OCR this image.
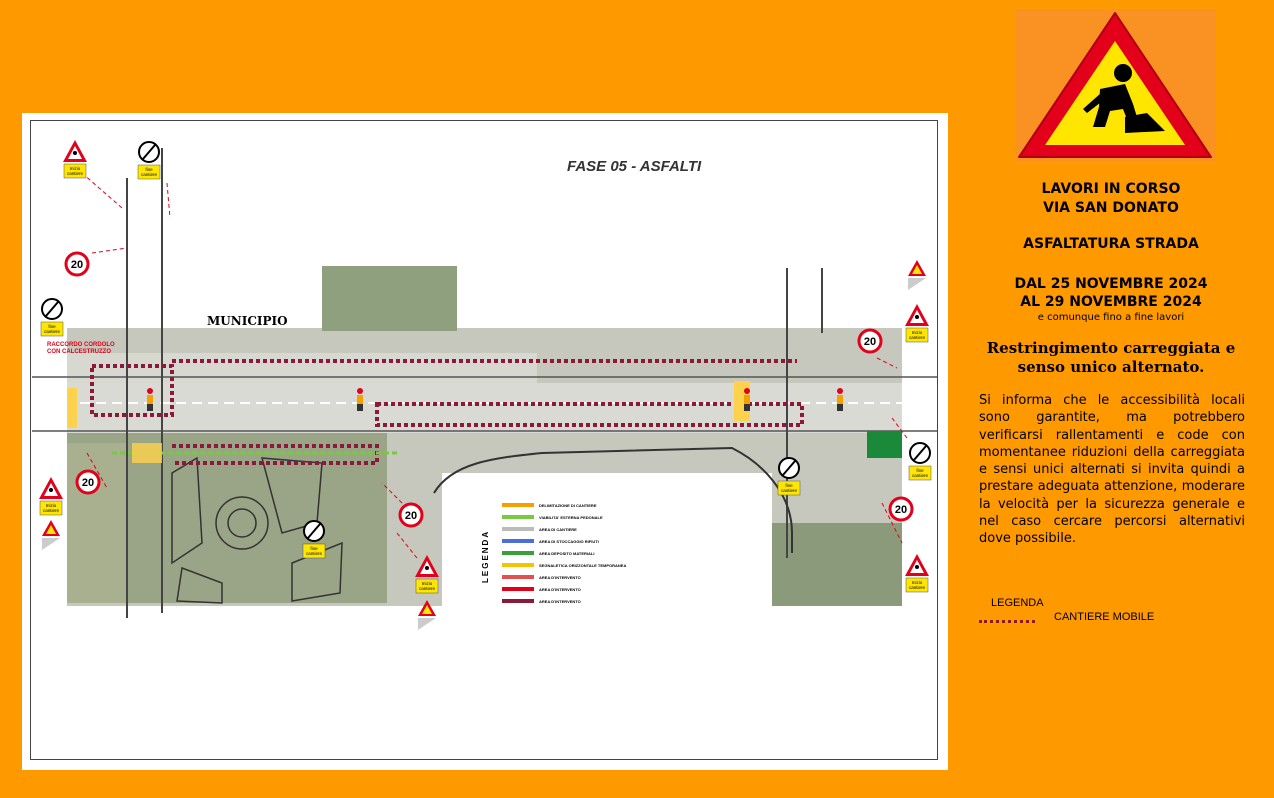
FASE 05 - ASFALTI
MUNICIPIO
RACCORDO CORDOLO
CON CALCESTRUZZO
Inizio
cantiere
fine
cantiere
20
fine
cantiere
20
Inizio
cantiere
fine
cantiere
20
Inizio
cantiere
20
Inizio
cantiere
fine
cantiere
fine
cantiere
20
Inizio
cantiere
LEGENDA
DELIMITAZIONE DI CANTIERE
VIABILITA' ESTERNA PEDONALE
AREA DI CANTIERE
AREA DI STOCCAGGIO RIFIUTI
AREA DEPOSITO MATERIALI
SEGNALETICA ORIZZONTALE TEMPORANEA
AREA D'INTERVENTO
AREA D'INTERVENTO
AREA D'INTERVENTO
LAVORI IN CORSO
VIA SAN DONATO
ASFALTATURA STRADA
DAL 25 NOVEMBRE 2024
AL 29 NOVEMBRE 2024
e comunque fino a fine lavori
Restringimento carreggiata e
senso unico alternato.
Si informa che le accessibilità locali sono garantite, ma potrebbero verificarsi rallentamenti e code con momentanee riduzioni della carreggiata e sensi unici alternati si invita quindi a prestare adeguata attenzione, moderare la velocità per la sicurezza generale e nel caso cercare percorsi alternativi dove possibile.
LEGENDA
CANTIERE MOBILE
